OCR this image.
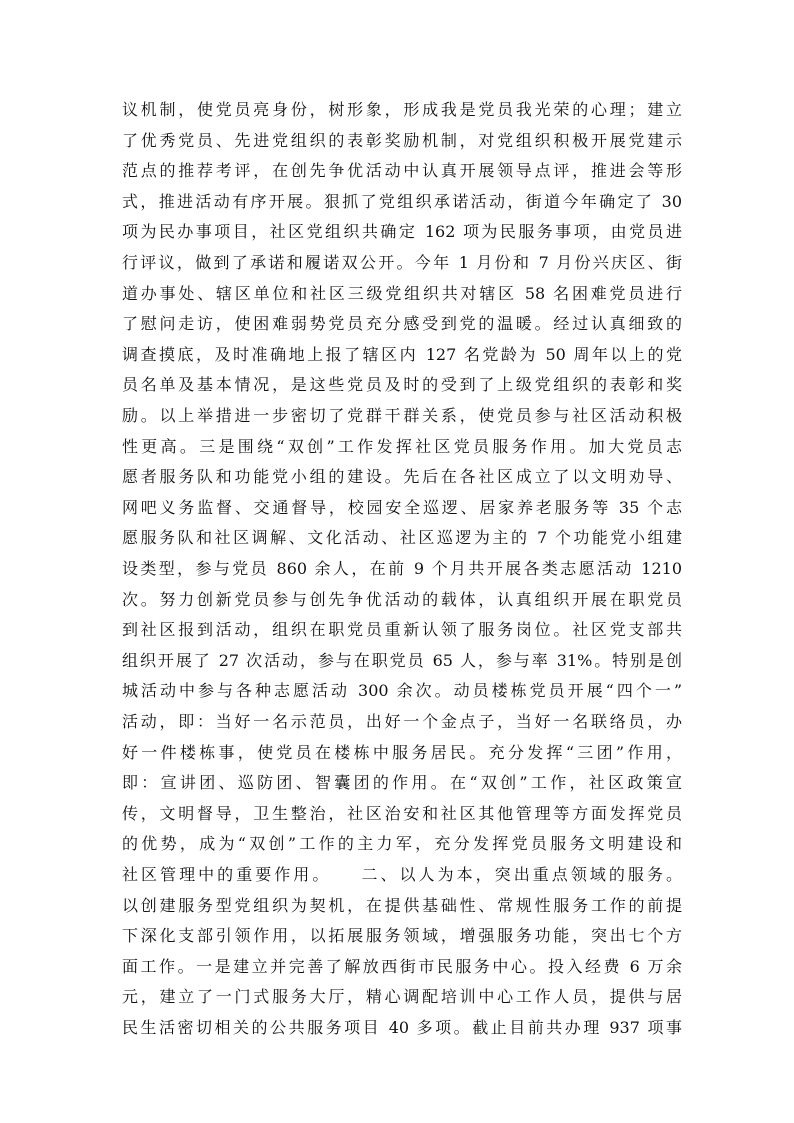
议机制，使党员亮身份，树形象，形成我是党员我光荣的心理；建立
了优秀党员、先进党组织的表彰奖励机制，对党组织积极开展党建示
范点的推荐考评，在创先争优活动中认真开展领导点评，推进会等形
式，推进活动有序开展。狠抓了党组织承诺活动，街道今年确定了 30
项为民办事项目，社区党组织共确定 162 项为民服务事项，由党员进
行评议，做到了承诺和履诺双公开。今年 1 月份和 7 月份兴庆区、街
道办事处、辖区单位和社区三级党组织共对辖区 58 名困难党员进行
了慰问走访，使困难弱势党员充分感受到党的温暖。经过认真细致的
调查摸底，及时准确地上报了辖区内 127 名党龄为 50 周年以上的党
员名单及基本情况，是这些党员及时的受到了上级党组织的表彰和奖
励。以上举措进一步密切了党群干群关系，使党员参与社区活动积极
性更高。三是围绕“双创”工作发挥社区党员服务作用。加大党员志
愿者服务队和功能党小组的建设。先后在各社区成立了以文明劝导、
网吧义务监督、交通督导，校园安全巡逻、居家养老服务等 35 个志
愿服务队和社区调解、文化活动、社区巡逻为主的 7 个功能党小组建
设类型，参与党员 860 余人，在前 9 个月共开展各类志愿活动 1210
次。努力创新党员参与创先争优活动的载体，认真组织开展在职党员
到社区报到活动，组织在职党员重新认领了服务岗位。社区党支部共
组织开展了 27 次活动，参与在职党员 65 人，参与率 31%。特别是创
城活动中参与各种志愿活动 300 余次。动员楼栋党员开展“四个一”
活动，即：当好一名示范员，出好一个金点子，当好一名联络员，办
好一件楼栋事，使党员在楼栋中服务居民。充分发挥“三团”作用，
即：宣讲团、巡防团、智囊团的作用。在“双创”工作，社区政策宣
传，文明督导，卫生整治，社区治安和社区其他管理等方面发挥党员
的优势，成为“双创”工作的主力军，充分发挥党员服务文明建设和
社区管理中的重要作用。　　二、以人为本，突出重点领域的服务。
以创建服务型党组织为契机，在提供基础性、常规性服务工作的前提
下深化支部引领作用，以拓展服务领域，增强服务功能，突出七个方
面工作。一是建立并完善了解放西街市民服务中心。投入经费 6 万余
元，建立了一门式服务大厅，精心调配培训中心工作人员，提供与居
民生活密切相关的公共服务项目 40 多项。截止目前共办理 937 项事
